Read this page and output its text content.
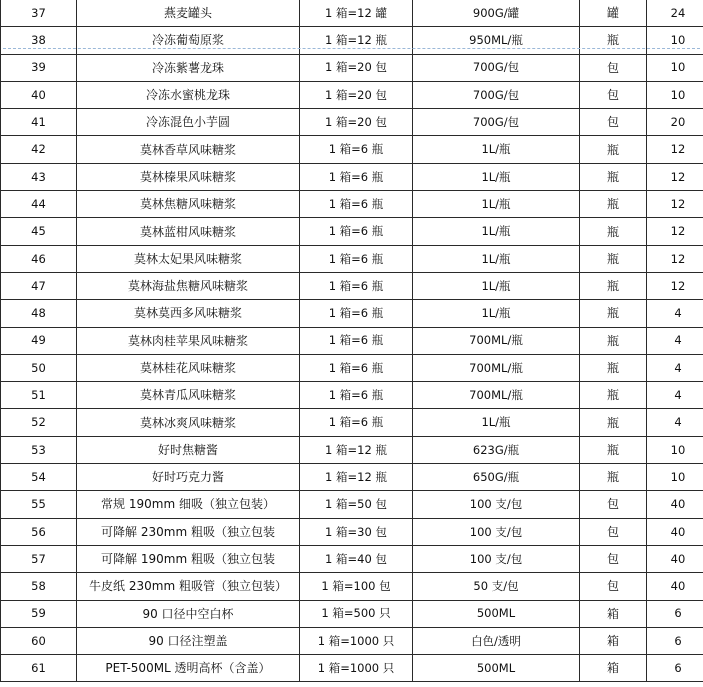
37	燕麦罐头	1 箱=12 罐	900G/罐	罐	24
38	冷冻葡萄原浆	1 箱=12 瓶	950ML/瓶	瓶	10
39	冷冻紫薯龙珠	1 箱=20 包	700G/包	包	10
40	冷冻水蜜桃龙珠	1 箱=20 包	700G/包	包	10
41	冷冻混色小芋圆	1 箱=20 包	700G/包	包	20
42	莫林香草风味糖浆	1 箱=6 瓶	1L/瓶	瓶	12
43	莫林榛果风味糖浆	1 箱=6 瓶	1L/瓶	瓶	12
44	莫林焦糖风味糖浆	1 箱=6 瓶	1L/瓶	瓶	12
45	莫林蓝柑风味糖浆	1 箱=6 瓶	1L/瓶	瓶	12
46	莫林太妃果风味糖浆	1 箱=6 瓶	1L/瓶	瓶	12
47	莫林海盐焦糖风味糖浆	1 箱=6 瓶	1L/瓶	瓶	12
48	莫林莫西多风味糖浆	1 箱=6 瓶	1L/瓶	瓶	4
49	莫林肉桂苹果风味糖浆	1 箱=6 瓶	700ML/瓶	瓶	4
50	莫林桂花风味糖浆	1 箱=6 瓶	700ML/瓶	瓶	4
51	莫林青瓜风味糖浆	1 箱=6 瓶	700ML/瓶	瓶	4
52	莫林冰爽风味糖浆	1 箱=6 瓶	1L/瓶	瓶	4
53	好时焦糖酱	1 箱=12 瓶	623G/瓶	瓶	10
54	好时巧克力酱	1 箱=12 瓶	650G/瓶	瓶	10
55	常规 190mm 细吸（独立包装）	1 箱=50 包	100 支/包	包	40
56	可降解 230mm 粗吸（独立包装	1 箱=30 包	100 支/包	包	40
57	可降解 190mm 粗吸（独立包装	1 箱=40 包	100 支/包	包	40
58	牛皮纸 230mm 粗吸管（独立包装）	1 箱=100 包	50 支/包	包	40
59	90 口径中空白杯	1 箱=500 只	500ML	箱	6
60	90 口径注塑盖	1 箱=1000 只	白色/透明	箱	6
61	PET-500ML 透明高杯（含盖）	1 箱=1000 只	500ML	箱	6
